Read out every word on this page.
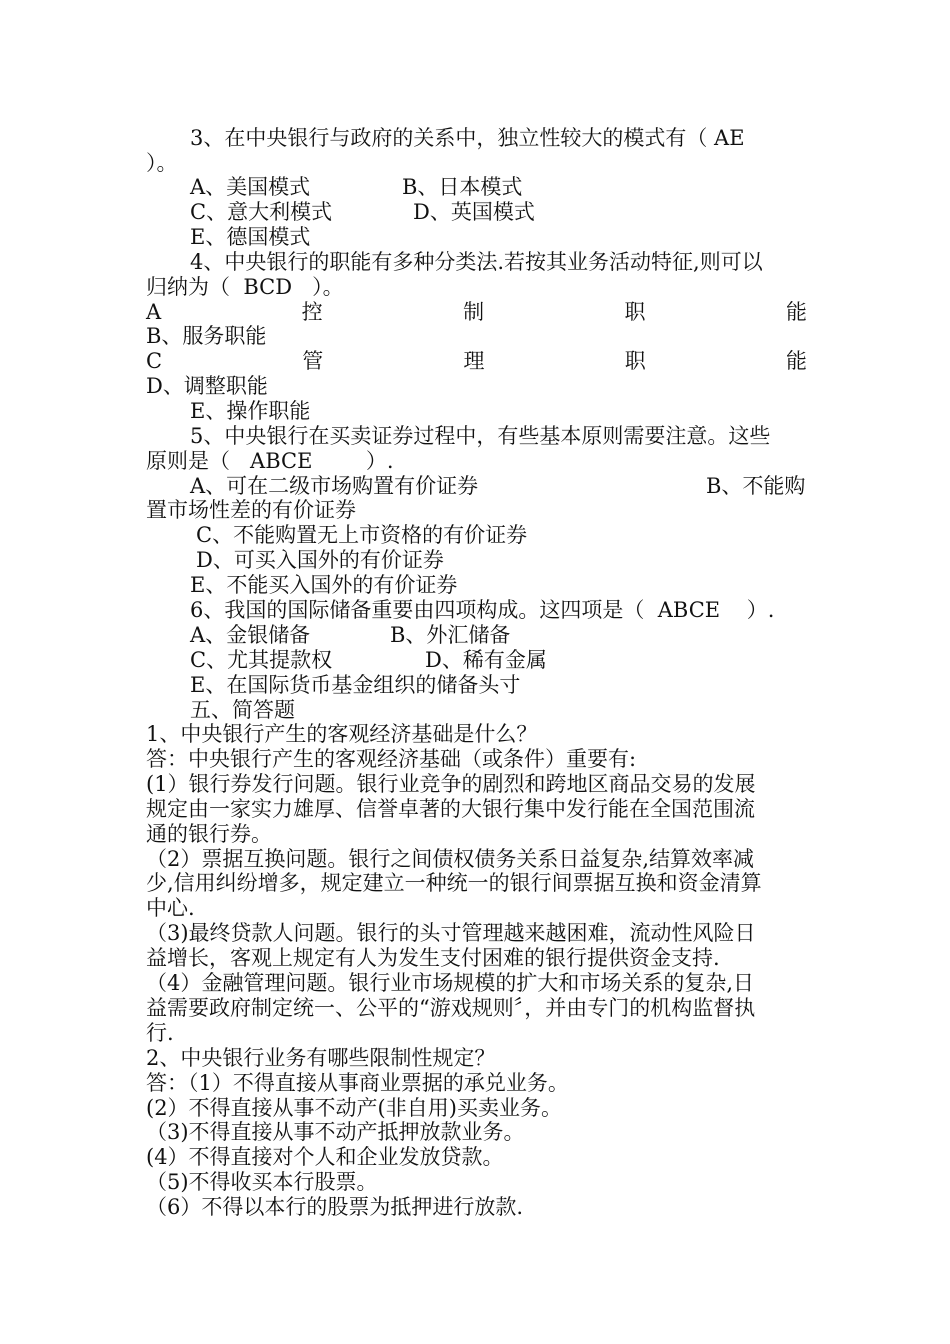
3、在中央银行与政府的关系中，独立性较大的模式有（ AE
）。
A、美国模式	B、日本模式
C、意大利模式	D、英国模式
E、德国模式
4、中央银行的职能有多种分类法.若按其业务活动特征,则可以
归纳为（  BCD   ）。
A	控	制	职	能
B、服务职能
C	管	理	职	能
D、调整职能
E、操作职能
5、中央银行在买卖证券过程中，有些基本原则需要注意。这些
原则是（   ABCE        ）.
A、可在二级市场购置有价证券	B、不能购
置市场性差的有价证券
C、不能购置无上市资格的有价证券
D、可买入国外的有价证券
E、不能买入国外的有价证券
6、我国的国际储备重要由四项构成。这四项是（  ABCE    ）.
A、金银储备	B、外汇储备
C、尤其提款权	D、稀有金属
E、在国际货币基金组织的储备头寸
五、简答题
1、中央银行产生的客观经济基础是什么？
答：中央银行产生的客观经济基础（或条件）重要有:
(1）银行券发行问题。银行业竞争的剧烈和跨地区商品交易的发展
规定由一家实力雄厚、信誉卓著的大银行集中发行能在全国范围流
通的银行券。
（2）票据互换问题。银行之间债权债务关系日益复杂,结算效率减
少,信用纠纷增多，规定建立一种统一的银行间票据互换和资金清算
中心.
（3)最终贷款人问题。银行的头寸管理越来越困难，流动性风险日
益增长，客观上规定有人为发生支付困难的银行提供资金支持.
（4）金融管理问题。银行业市场规模的扩大和市场关系的复杂,日
益需要政府制定统一、公平的“游戏规则〞，并由专门的机构监督执
行.
2、中央银行业务有哪些限制性规定？
答：（1）不得直接从事商业票据的承兑业务。
(2）不得直接从事不动产(非自用)买卖业务。
（3)不得直接从事不动产抵押放款业务。
(4）不得直接对个人和企业发放贷款。
（5)不得收买本行股票。
（6）不得以本行的股票为抵押进行放款.
